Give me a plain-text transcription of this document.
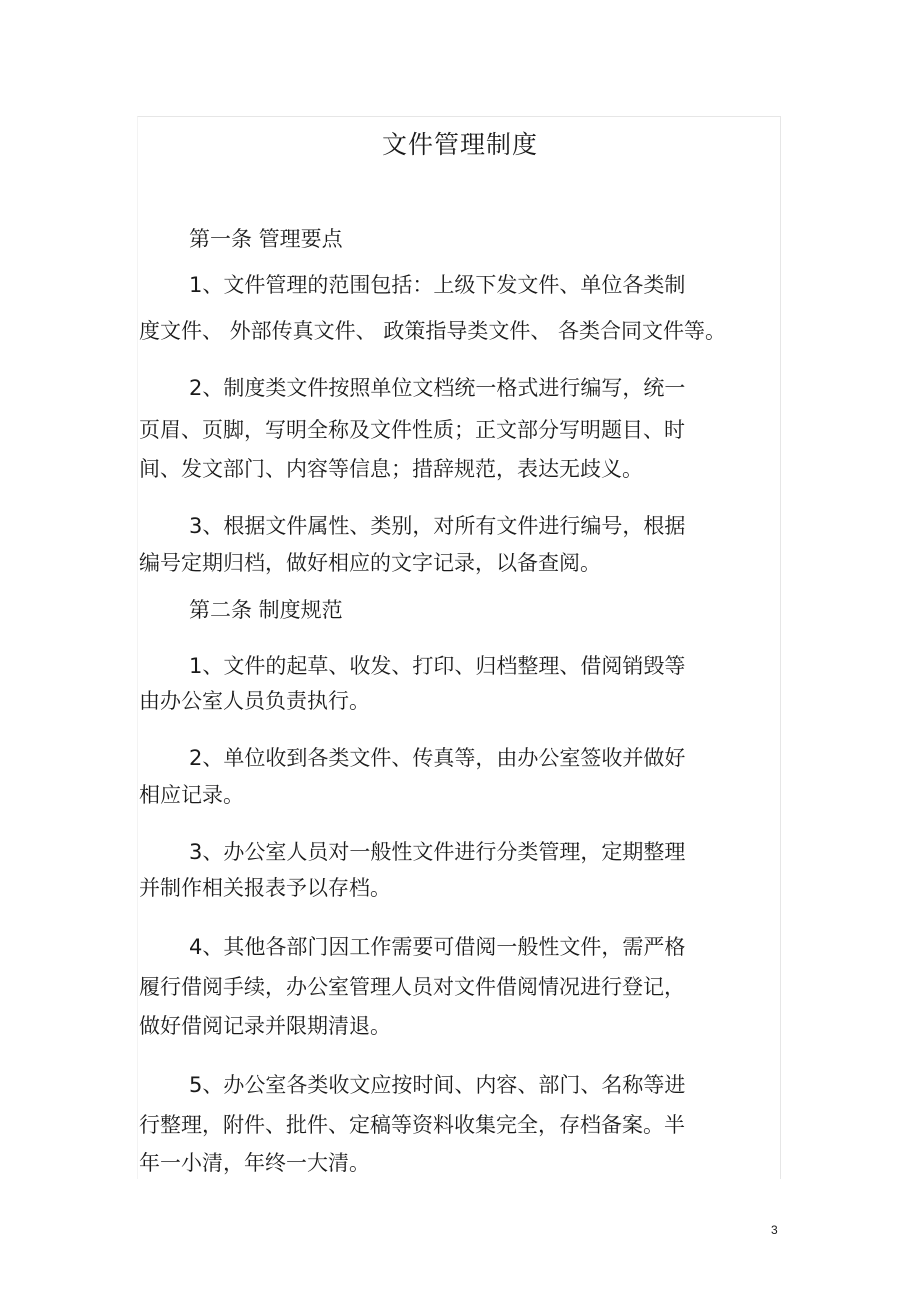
文件管理制度
第一条 管理要点
1、文件管理的范围包括：上级下发文件、单位各类制
度文件、 外部传真文件、 政策指导类文件、 各类合同文件等。
2、制度类文件按照单位文档统一格式进行编写，统一
页眉、页脚，写明全称及文件性质；正文部分写明题目、时
间、发文部门、内容等信息；措辞规范，表达无歧义。
3、根据文件属性、类别，对所有文件进行编号，根据
编号定期归档，做好相应的文字记录，以备查阅。
第二条 制度规范
1、文件的起草、收发、打印、归档整理、借阅销毁等
由办公室人员负责执行。
2、单位收到各类文件、传真等，由办公室签收并做好
相应记录。
3、办公室人员对一般性文件进行分类管理，定期整理
并制作相关报表予以存档。
4、其他各部门因工作需要可借阅一般性文件，需严格
履行借阅手续，办公室管理人员对文件借阅情况进行登记，
做好借阅记录并限期清退。
5、办公室各类收文应按时间、内容、部门、名称等进
行整理，附件、批件、定稿等资料收集完全，存档备案。半
年一小清，年终一大清。
3
